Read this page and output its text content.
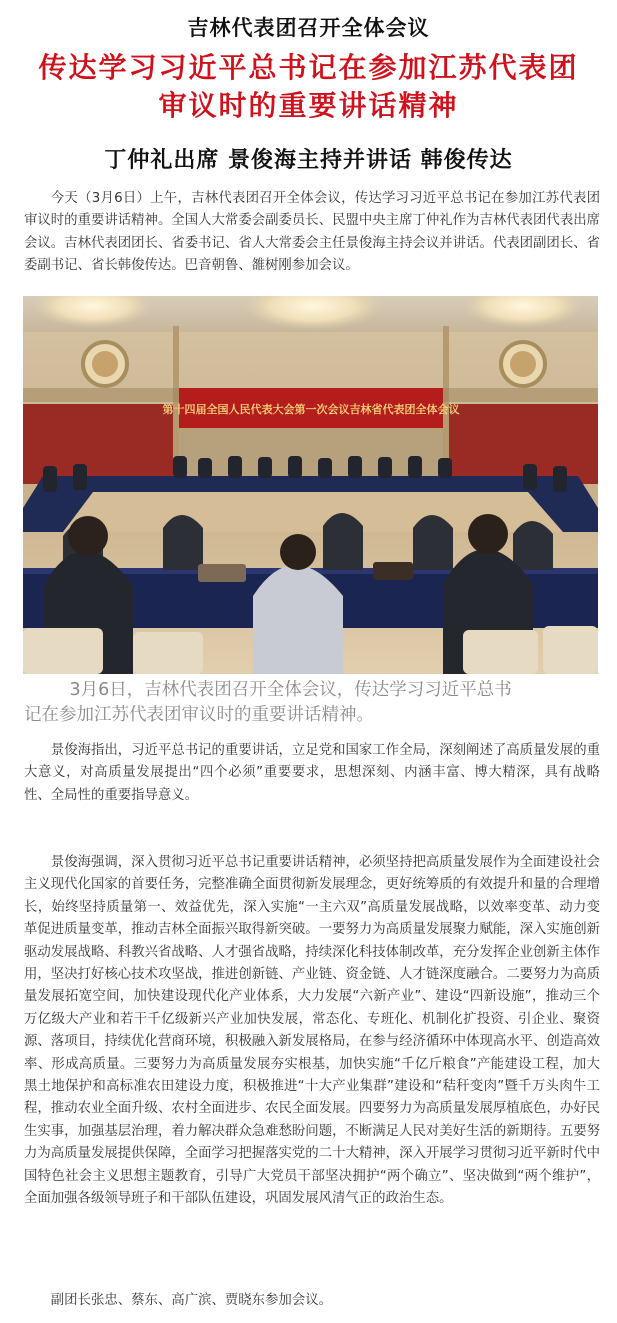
吉林代表团召开全体会议
传达学习习近平总书记在参加江苏代表团
审议时的重要讲话精神
丁仲礼出席 景俊海主持并讲话 韩俊传达

今天（3月6日）上午，吉林代表团召开全体会议，传达学习习近平总书记在参加江苏代表团审议时的重要讲话精神。全国人大常委会副委员长、民盟中央主席丁仲礼作为吉林代表团代表出席会议。吉林代表团团长、省委书记、省人大常委会主任景俊海主持会议并讲话。代表团副团长、省委副书记、省长韩俊传达。巴音朝鲁、雒树刚参加会议。

第十四届全国人民代表大会第一次会议吉林省代表团全体会议

3月6日，吉林代表团召开全体会议，传达学习习近平总书记在参加江苏代表团审议时的重要讲话精神。

景俊海指出，习近平总书记的重要讲话，立足党和国家工作全局，深刻阐述了高质量发展的重大意义，对高质量发展提出“四个必须”重要要求，思想深刻、内涵丰富、博大精深，具有战略性、全局性的重要指导意义。

景俊海强调，深入贯彻习近平总书记重要讲话精神，必须坚持把高质量发展作为全面建设社会主义现代化国家的首要任务，完整准确全面贯彻新发展理念，更好统筹质的有效提升和量的合理增长，始终坚持质量第一、效益优先，深入实施“一主六双”高质量发展战略，以效率变革、动力变革促进质量变革，推动吉林全面振兴取得新突破。一要努力为高质量发展聚力赋能，深入实施创新驱动发展战略、科教兴省战略、人才强省战略，持续深化科技体制改革，充分发挥企业创新主体作用，坚决打好核心技术攻坚战，推进创新链、产业链、资金链、人才链深度融合。二要努力为高质量发展拓宽空间，加快建设现代化产业体系，大力发展“六新产业”、建设“四新设施”，推动三个万亿级大产业和若干千亿级新兴产业加快发展，常态化、专班化、机制化扩投资、引企业、聚资源、落项目，持续优化营商环境，积极融入新发展格局，在参与经济循环中体现高水平、创造高效率、形成高质量。三要努力为高质量发展夯实根基，加快实施“千亿斤粮食”产能建设工程，加大黑土地保护和高标准农田建设力度，积极推进“十大产业集群”建设和“秸秆变肉”暨千万头肉牛工程，推动农业全面升级、农村全面进步、农民全面发展。四要努力为高质量发展厚植底色，办好民生实事，加强基层治理，着力解决群众急难愁盼问题，不断满足人民对美好生活的新期待。五要努力为高质量发展提供保障，全面学习把握落实党的二十大精神，深入开展学习贯彻习近平新时代中国特色社会主义思想主题教育，引导广大党员干部坚决拥护“两个确立”、坚决做到“两个维护”，全面加强各级领导班子和干部队伍建设，巩固发展风清气正的政治生态。

副团长张忠、蔡东、高广滨、贾晓东参加会议。
